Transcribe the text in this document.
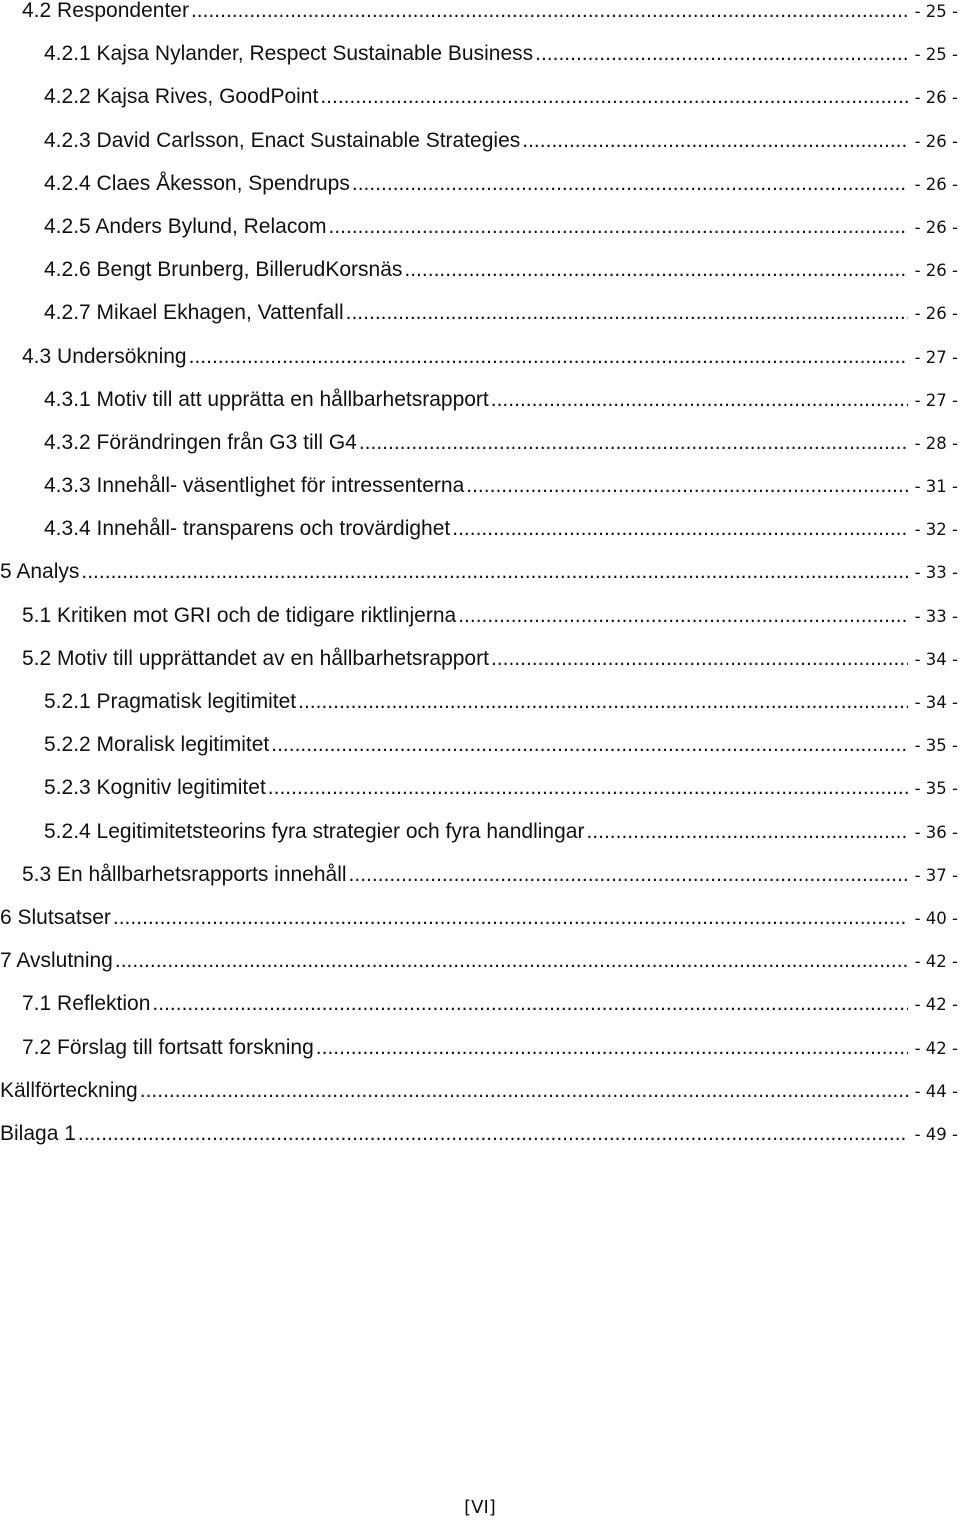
4.2 Respondenter .....	- 25 -
4.2.1 Kajsa Nylander, Respect Sustainable Business .....	- 25 -
4.2.2 Kajsa Rives, GoodPoint .....	- 26 -
4.2.3 David Carlsson, Enact Sustainable Strategies .....	- 26 -
4.2.4 Claes Åkesson, Spendrups .....	- 26 -
4.2.5 Anders Bylund, Relacom .....	- 26 -
4.2.6 Bengt Brunberg, BillerudKorsnäs .....	- 26 -
4.2.7 Mikael Ekhagen, Vattenfall .....	- 26 -
4.3 Undersökning .....	- 27 -
4.3.1 Motiv till att upprätta en hållbarhetsrapport .....	- 27 -
4.3.2 Förändringen från G3 till G4 .....	- 28 -
4.3.3 Innehåll- väsentlighet för intressenterna .....	- 31 -
4.3.4 Innehåll- transparens och trovärdighet .....	- 32 -
5 Analys .....	- 33 -
5.1 Kritiken mot GRI och de tidigare riktlinjerna .....	- 33 -
5.2 Motiv till upprättandet av en hållbarhetsrapport .....	- 34 -
5.2.1 Pragmatisk legitimitet .....	- 34 -
5.2.2 Moralisk legitimitet .....	- 35 -
5.2.3 Kognitiv legitimitet .....	- 35 -
5.2.4 Legitimitetsteorins fyra strategier och fyra handlingar .....	- 36 -
5.3 En hållbarhetsrapports innehåll .....	- 37 -
6 Slutsatser .....	- 40 -
7 Avslutning .....	- 42 -
7.1 Reflektion .....	- 42 -
7.2 Förslag till fortsatt forskning .....	- 42 -
Källförteckning .....	- 44 -
Bilaga 1 .....	- 49 -
[VI]
